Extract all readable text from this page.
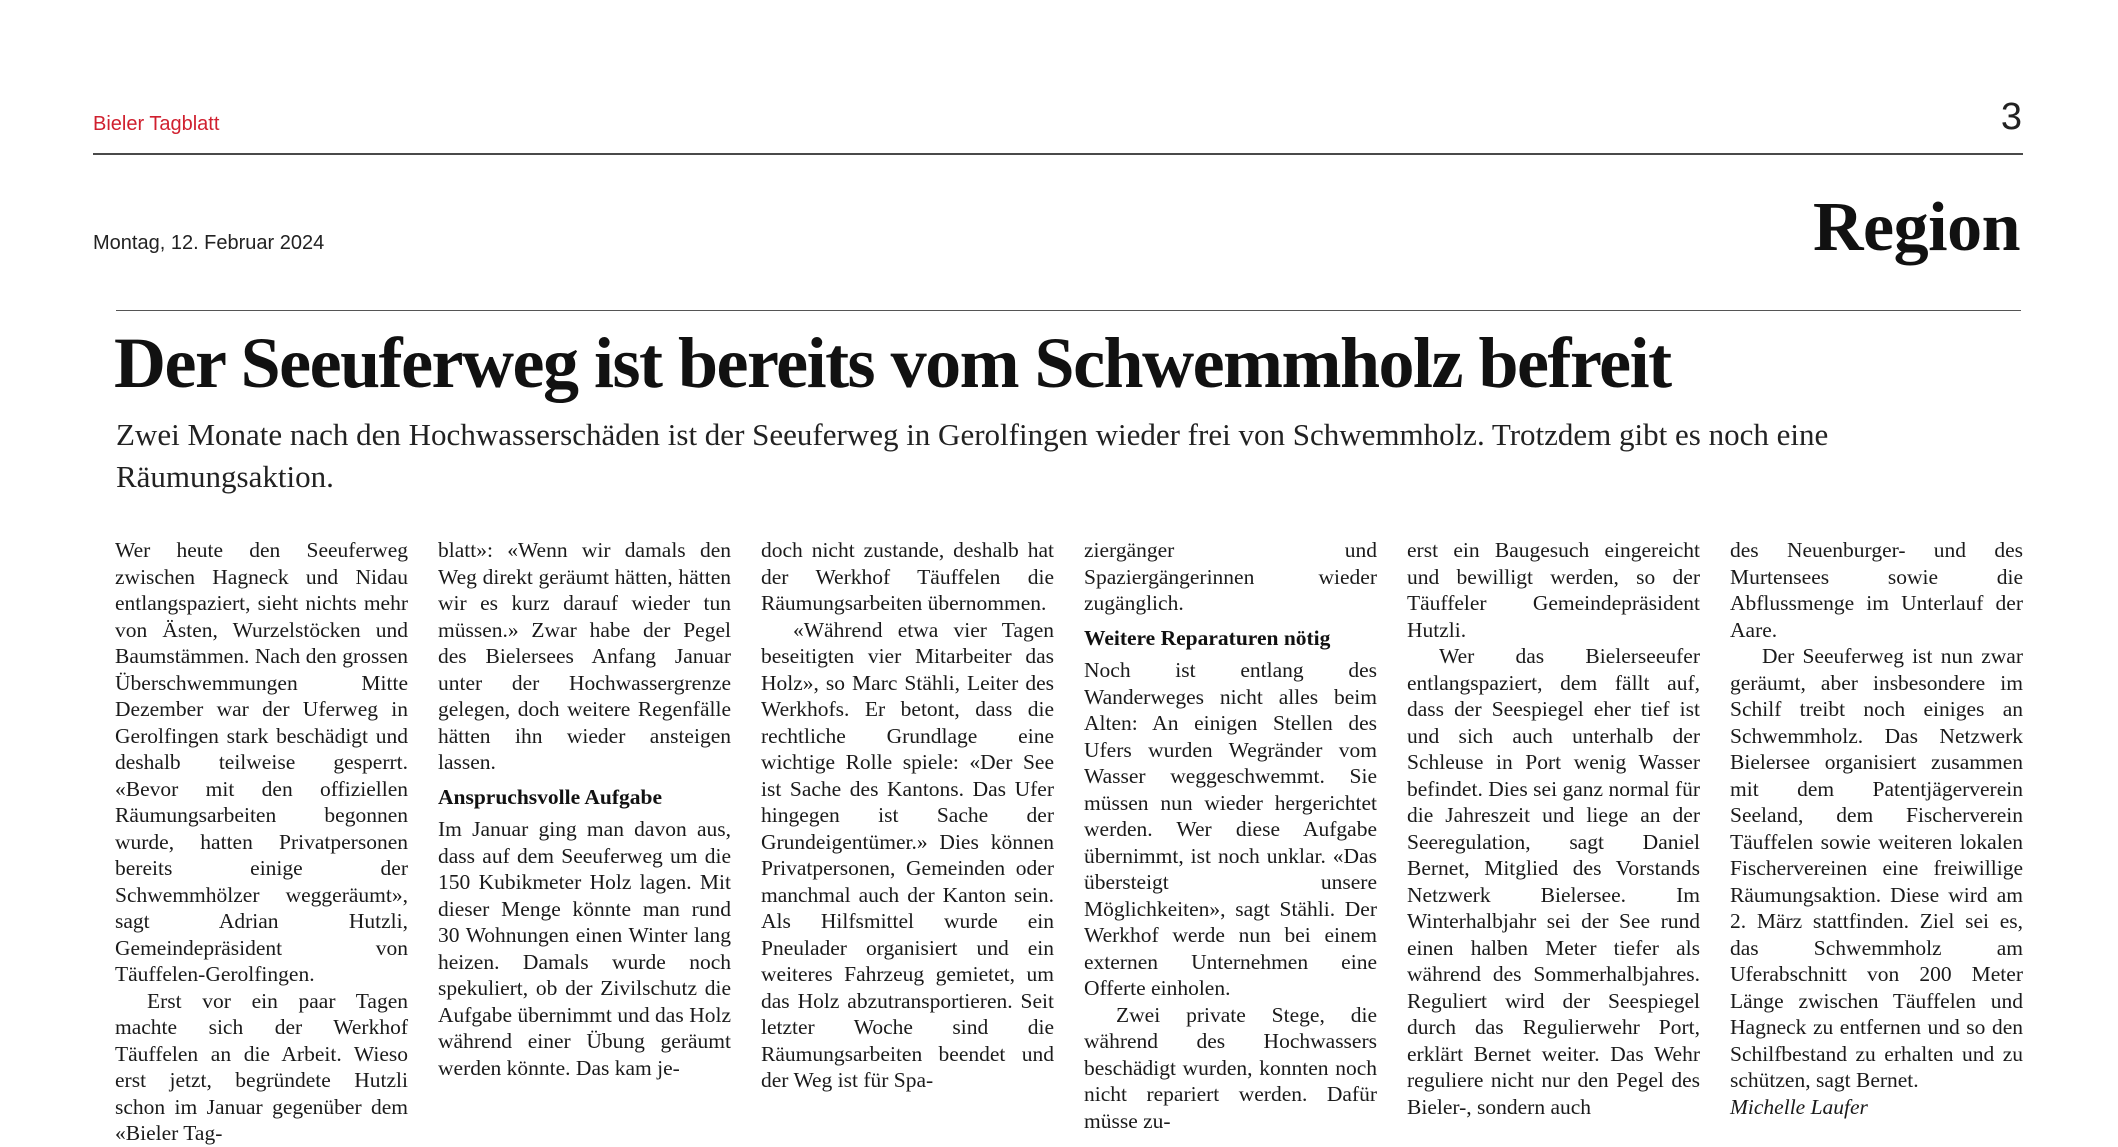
Bieler Tagblatt	3
Montag, 12. Februar 2024	Region
Der Seeuferweg ist bereits vom Schwemmholz befreit
Zwei Monate nach den Hochwasserschäden ist der Seeuferweg in Gerolfingen wieder frei von Schwemmholz. Trotzdem gibt es noch eine Räumungsaktion.

Wer heute den Seeuferweg zwischen Hagneck und Nidau entlangspaziert, sieht nichts mehr von Ästen, Wurzelstöcken und Baumstämmen. Nach den grossen Überschwemmungen Mitte Dezember war der Uferweg in Gerolfingen stark beschädigt und deshalb teilweise gesperrt. «Bevor mit den offiziellen Räumungsarbeiten begonnen wurde, hatten Privatpersonen bereits einige der Schwemmhölzer weggeräumt», sagt Adrian Hutzli, Gemeindepräsident von Täuffelen-Gerolfingen.

Erst vor ein paar Tagen machte sich der Werkhof Täuffelen an die Arbeit. Wieso erst jetzt, begründete Hutzli schon im Januar gegenüber dem «Bieler Tag-

blatt»: «Wenn wir damals den Weg direkt geräumt hätten, hätten wir es kurz darauf wieder tun müssen.» Zwar habe der Pegel des Bielersees Anfang Januar unter der Hochwassergrenze gelegen, doch weitere Regenfälle hätten ihn wieder ansteigen lassen.

Anspruchsvolle Aufgabe

Im Januar ging man davon aus, dass auf dem Seeuferweg um die 150 Kubikmeter Holz lagen. Mit dieser Menge könnte man rund 30 Wohnungen einen Winter lang heizen. Damals wurde noch spekuliert, ob der Zivilschutz die Aufgabe übernimmt und das Holz während einer Übung geräumt werden könnte. Das kam je-

doch nicht zustande, deshalb hat der Werkhof Täuffelen die Räumungsarbeiten übernommen.

«Während etwa vier Tagen beseitigten vier Mitarbeiter das Holz», so Marc Stähli, Leiter des Werkhofs. Er betont, dass die rechtliche Grundlage eine wichtige Rolle spiele: «Der See ist Sache des Kantons. Das Ufer hingegen ist Sache der Grundeigentümer.» Dies können Privatpersonen, Gemeinden oder manchmal auch der Kanton sein. Als Hilfsmittel wurde ein Pneulader organisiert und ein weiteres Fahrzeug gemietet, um das Holz abzutransportieren. Seit letzter Woche sind die Räumungsarbeiten beendet und der Weg ist für Spa-

ziergänger und Spaziergängerinnen wieder zugänglich.

Weitere Reparaturen nötig

Noch ist entlang des Wanderweges nicht alles beim Alten: An einigen Stellen des Ufers wurden Wegränder vom Wasser weggeschwemmt. Sie müssen nun wieder hergerichtet werden. Wer diese Aufgabe übernimmt, ist noch unklar. «Das übersteigt unsere Möglichkeiten», sagt Stähli. Der Werkhof werde nun bei einem externen Unternehmen eine Offerte einholen.

Zwei private Stege, die während des Hochwassers beschädigt wurden, konnten noch nicht repariert werden. Dafür müsse zu-

erst ein Baugesuch eingereicht und bewilligt werden, so der Täuffeler Gemeindepräsident Hutzli.

Wer das Bielerseeufer entlangspaziert, dem fällt auf, dass der Seespiegel eher tief ist und sich auch unterhalb der Schleuse in Port wenig Wasser befindet. Dies sei ganz normal für die Jahreszeit und liege an der Seeregulation, sagt Daniel Bernet, Mitglied des Vorstands Netzwerk Bielersee. Im Winterhalbjahr sei der See rund einen halben Meter tiefer als während des Sommerhalbjahres. Reguliert wird der Seespiegel durch das Regulierwehr Port, erklärt Bernet weiter. Das Wehr reguliere nicht nur den Pegel des Bieler-, sondern auch

des Neuenburger- und des Murtensees sowie die Abflussmenge im Unterlauf der Aare.

Der Seeuferweg ist nun zwar geräumt, aber insbesondere im Schilf treibt noch einiges an Schwemmholz. Das Netzwerk Bielersee organisiert zusammen mit dem Patentjägerverein Seeland, dem Fischerverein Täuffelen sowie weiteren lokalen Fischervereinen eine freiwillige Räumungsaktion. Diese wird am 2. März stattfinden. Ziel sei es, das Schwemmholz am Uferabschnitt von 200 Meter Länge zwischen Täuffelen und Hagneck zu entfernen und so den Schilfbestand zu erhalten und zu schützen, sagt Bernet.

Michelle Laufer
